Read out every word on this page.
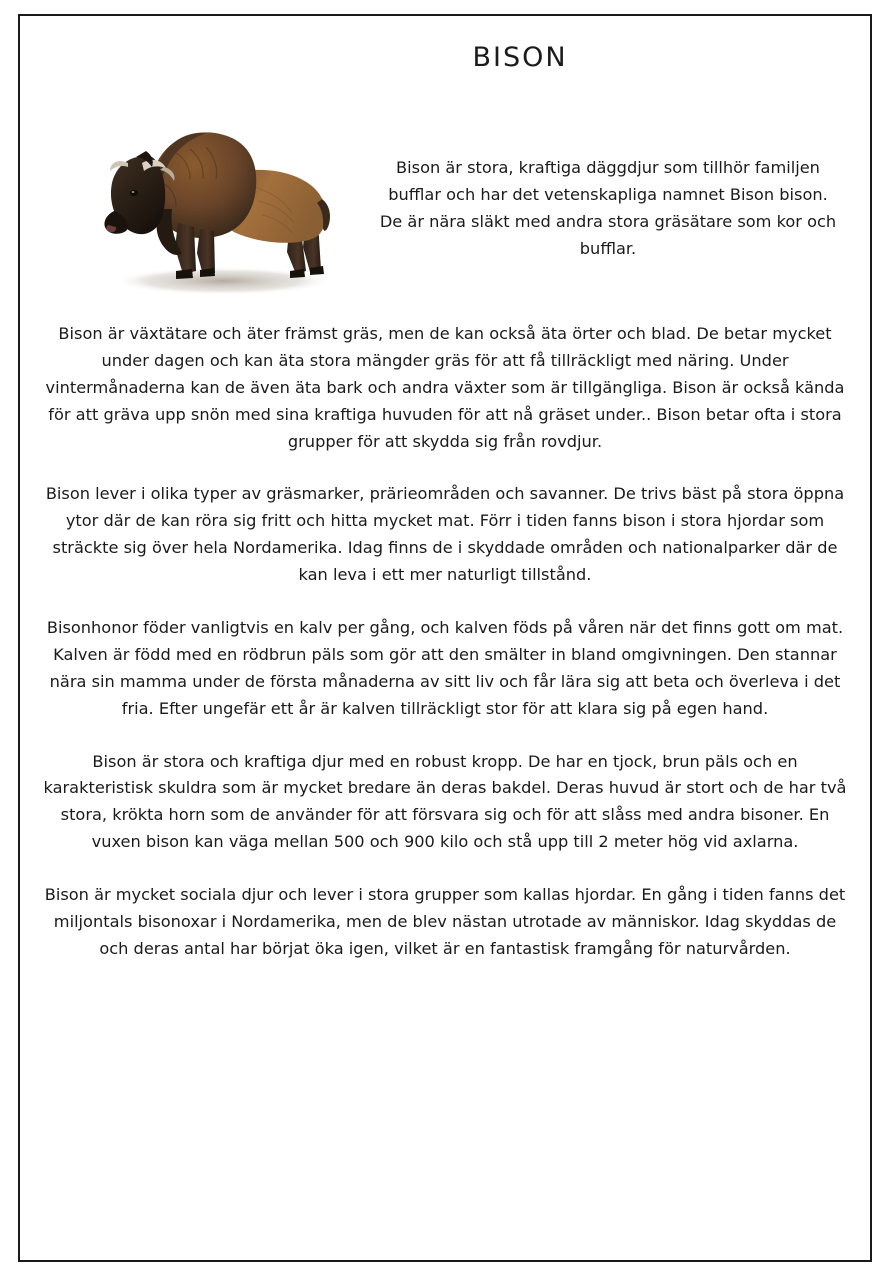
BISON

Bison är stora, kraftiga däggdjur som tillhör familjen bufflar och har det vetenskapliga namnet Bison bison. De är nära släkt med andra stora gräsätare som kor och bufflar.

Bison är växtätare och äter främst gräs, men de kan också äta örter och blad. De betar mycket under dagen och kan äta stora mängder gräs för att få tillräckligt med näring. Under vintermånaderna kan de även äta bark och andra växter som är tillgängliga. Bison är också kända för att gräva upp snön med sina kraftiga huvuden för att nå gräset under.. Bison betar ofta i stora grupper för att skydda sig från rovdjur.

Bison lever i olika typer av gräsmarker, prärieområden och savanner. De trivs bäst på stora öppna ytor där de kan röra sig fritt och hitta mycket mat. Förr i tiden fanns bison i stora hjordar som sträckte sig över hela Nordamerika. Idag finns de i skyddade områden och nationalparker där de kan leva i ett mer naturligt tillstånd.

Bisonhonor föder vanligtvis en kalv per gång, och kalven föds på våren när det finns gott om mat. Kalven är född med en rödbrun päls som gör att den smälter in bland omgivningen. Den stannar nära sin mamma under de första månaderna av sitt liv och får lära sig att beta och överleva i det fria. Efter ungefär ett år är kalven tillräckligt stor för att klara sig på egen hand.

Bison är stora och kraftiga djur med en robust kropp. De har en tjock, brun päls och en karakteristisk skuldra som är mycket bredare än deras bakdel. Deras huvud är stort och de har två stora, krökta horn som de använder för att försvara sig och för att slåss med andra bisoner. En vuxen bison kan väga mellan 500 och 900 kilo och stå upp till 2 meter hög vid axlarna.

Bison är mycket sociala djur och lever i stora grupper som kallas hjordar. En gång i tiden fanns det miljontals bisonoxar i Nordamerika, men de blev nästan utrotade av människor. Idag skyddas de och deras antal har börjat öka igen, vilket är en fantastisk framgång för naturvården.
